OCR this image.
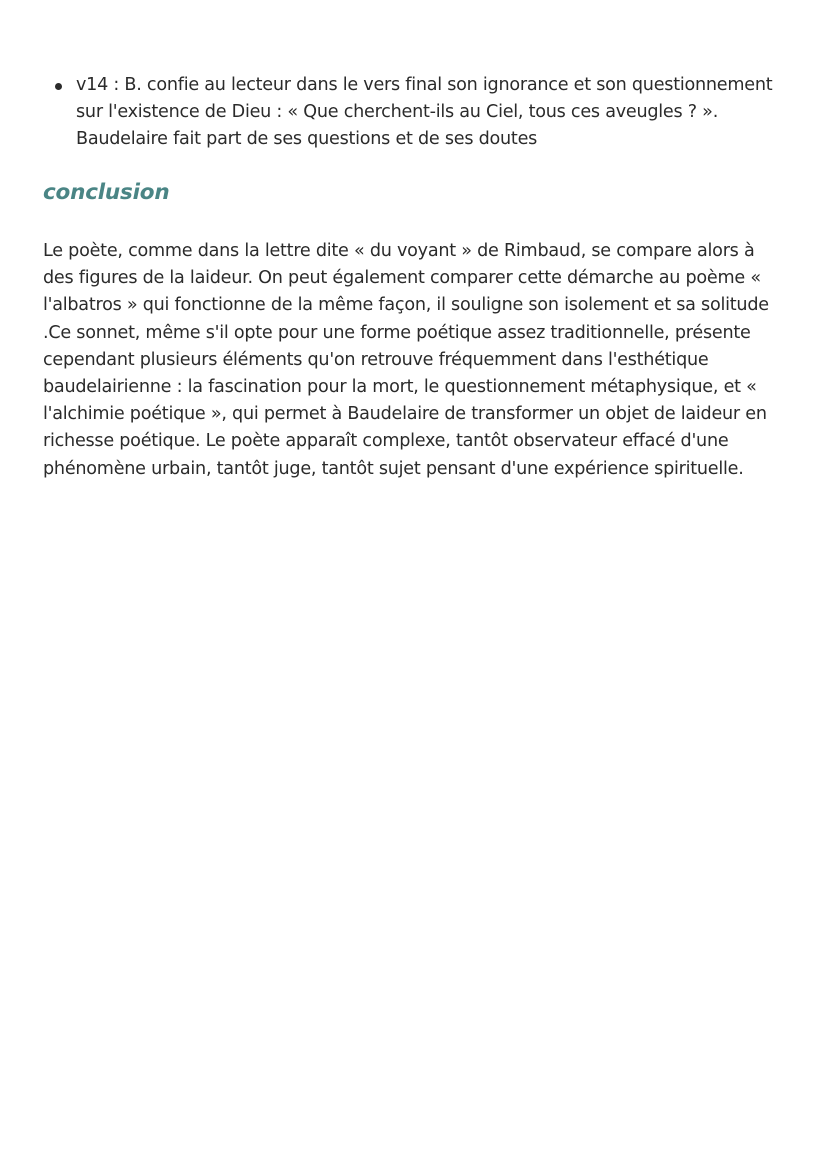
v14 : B. confie au lecteur dans le vers final son ignorance et son questionnement
sur l'existence de Dieu : « Que cherchent-ils au Ciel, tous ces aveugles ? ».
Baudelaire fait part de ses questions et de ses doutes
conclusion

Le poète, comme dans la lettre dite « du voyant » de Rimbaud, se compare alors à
des figures de la laideur. On peut également comparer cette démarche au poème «
l'albatros » qui fonctionne de la même façon, il souligne son isolement et sa solitude
.Ce sonnet, même s'il opte pour une forme poétique assez traditionnelle, présente
cependant plusieurs éléments qu'on retrouve fréquemment dans l'esthétique
baudelairienne : la fascination pour la mort, le questionnement métaphysique, et «
l'alchimie poétique », qui permet à Baudelaire de transformer un objet de laideur en
richesse poétique. Le poète apparaît complexe, tantôt observateur effacé d'une
phénomène urbain, tantôt juge, tantôt sujet pensant d'une expérience spirituelle.
